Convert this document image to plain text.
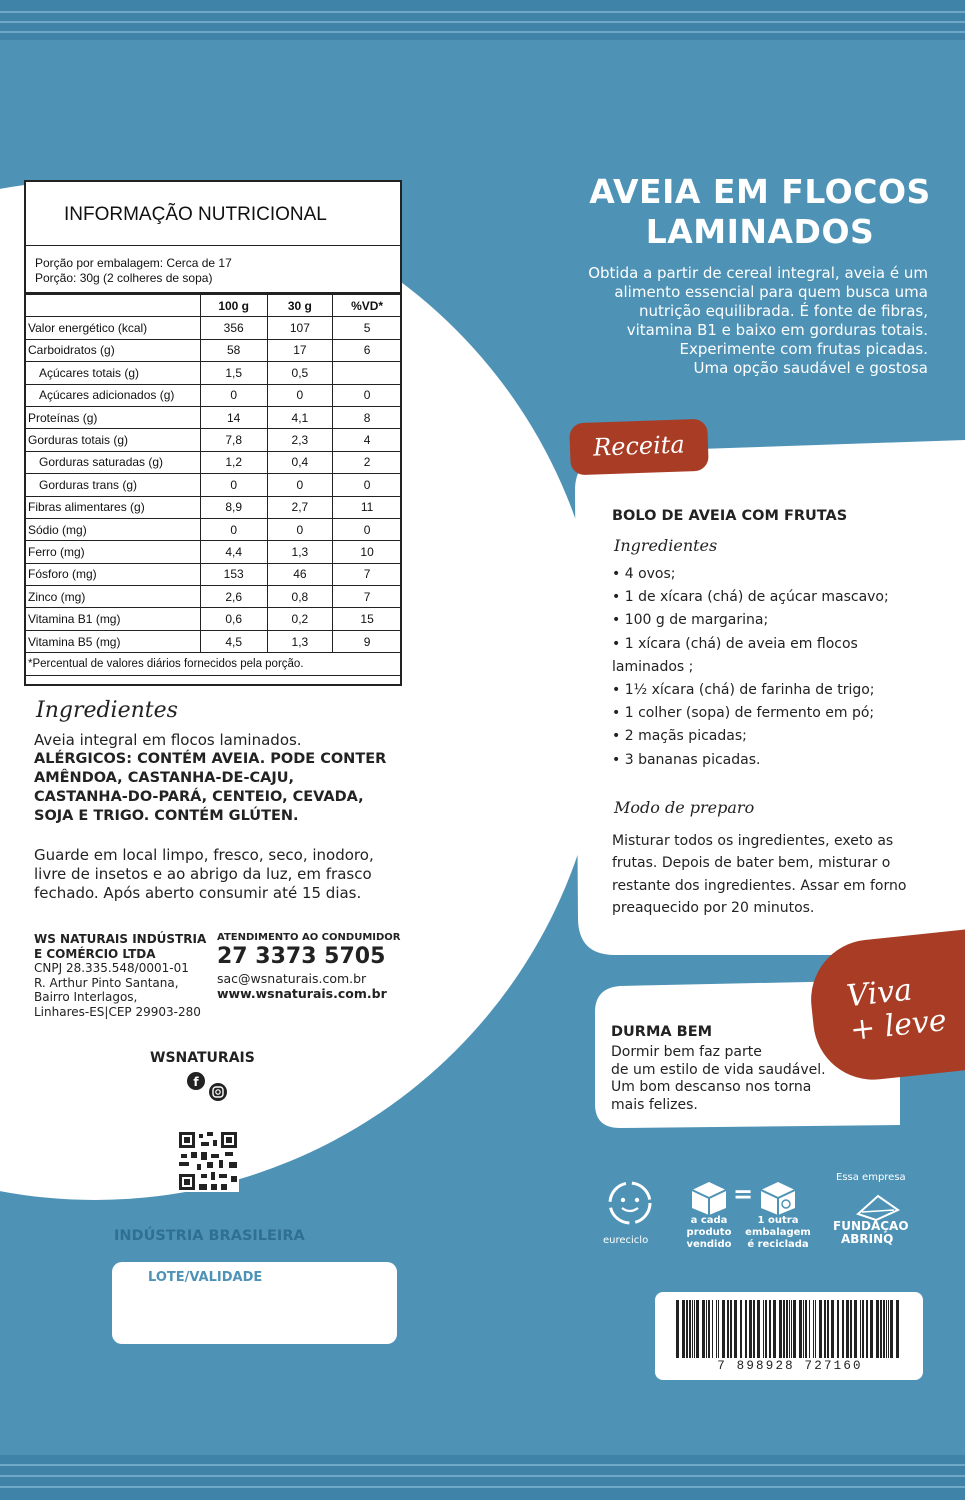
AVEIA EM FLOCOS
LAMINADOS
Obtida a partir de cereal integral, aveia é um
alimento essencial para quem busca uma
nutrição equilibrada. É fonte de fibras,
vitamina B1 e baixo em gorduras totais.
Experimente com frutas picadas.
Uma opção saudável e gostosa
INFORMAÇÃO NUTRICIONAL
Porção por embalagem: Cerca de 17
Porção: 30g (2 colheres de sopa)
	100 g	30 g	%VD*
Valor energético (kcal)	356	107	5
Carboidratos (g)	58	17	6
Açúcares totais (g)	1,5	0,5	
Açúcares adicionados (g)	0	0	0
Proteínas (g)	14	4,1	8
Gorduras totais (g)	7,8	2,3	4
Gorduras saturadas (g)	1,2	0,4	2
Gorduras trans (g)	0	0	0
Fibras alimentares (g)	8,9	2,7	11
Sódio (mg)	0	0	0
Ferro (mg)	4,4	1,3	10
Fósforo (mg)	153	46	7
Zinco (mg)	2,6	0,8	7
Vitamina B1 (mg)	0,6	0,2	15
Vitamina B5 (mg)	4,5	1,3	9
*Percentual de valores diários fornecidos pela porção.			
Ingredientes
Aveia integral em flocos laminados.
ALÉRGICOS: CONTÉM AVEIA. PODE CONTER
AMÊNDOA, CASTANHA-DE-CAJU,
CASTANHA-DO-PARÁ, CENTEIO, CEVADA,
SOJA E TRIGO. CONTÉM GLÚTEN.
Guarde em local limpo, fresco, seco, inodoro,
livre de insetos e ao abrigo da luz, em frasco
fechado. Após aberto consumir até 15 dias.
WS NATURAIS INDÚSTRIA
E COMÉRCIO LTDA
CNPJ 28.335.548/0001-01
R. Arthur Pinto Santana,
Bairro Interlagos,
Linhares-ES|CEP 29903-280
ATENDIMENTO AO CONDUMIDOR
27 3373 5705
sac@wsnaturais.com.br
www.wsnaturais.com.br
WSNATURAIS
f
INDÚSTRIA BRASILEIRA
LOTE/VALIDADE
Receita
BOLO DE AVEIA COM FRUTAS
Ingredientes
• 4 ovos;
• 1 de xícara (chá) de açúcar mascavo;
• 100 g de margarina;
• 1 xícara (chá) de aveia em flocos
laminados ;
• 1½ xícara (chá) de farinha de trigo;
• 1 colher (sopa) de fermento em pó;
• 2 maçãs picadas;
• 3 bananas picadas.
Modo de preparo
Misturar todos os ingredientes, exeto as
frutas. Depois de bater bem, misturar o
restante dos ingredientes. Assar em forno
preaquecido por 20 minutos.
Viva
+ leve
DURMA BEM
Dormir bem faz parte
de um estilo de vida saudável.
Um bom descanso nos torna
mais felizes.
eureciclo
a cada
produto
vendido
=
1 outra
embalagem
é reciclada
Essa empresa
FUNDAÇÃO
ABRINQ
7 898928 727160
